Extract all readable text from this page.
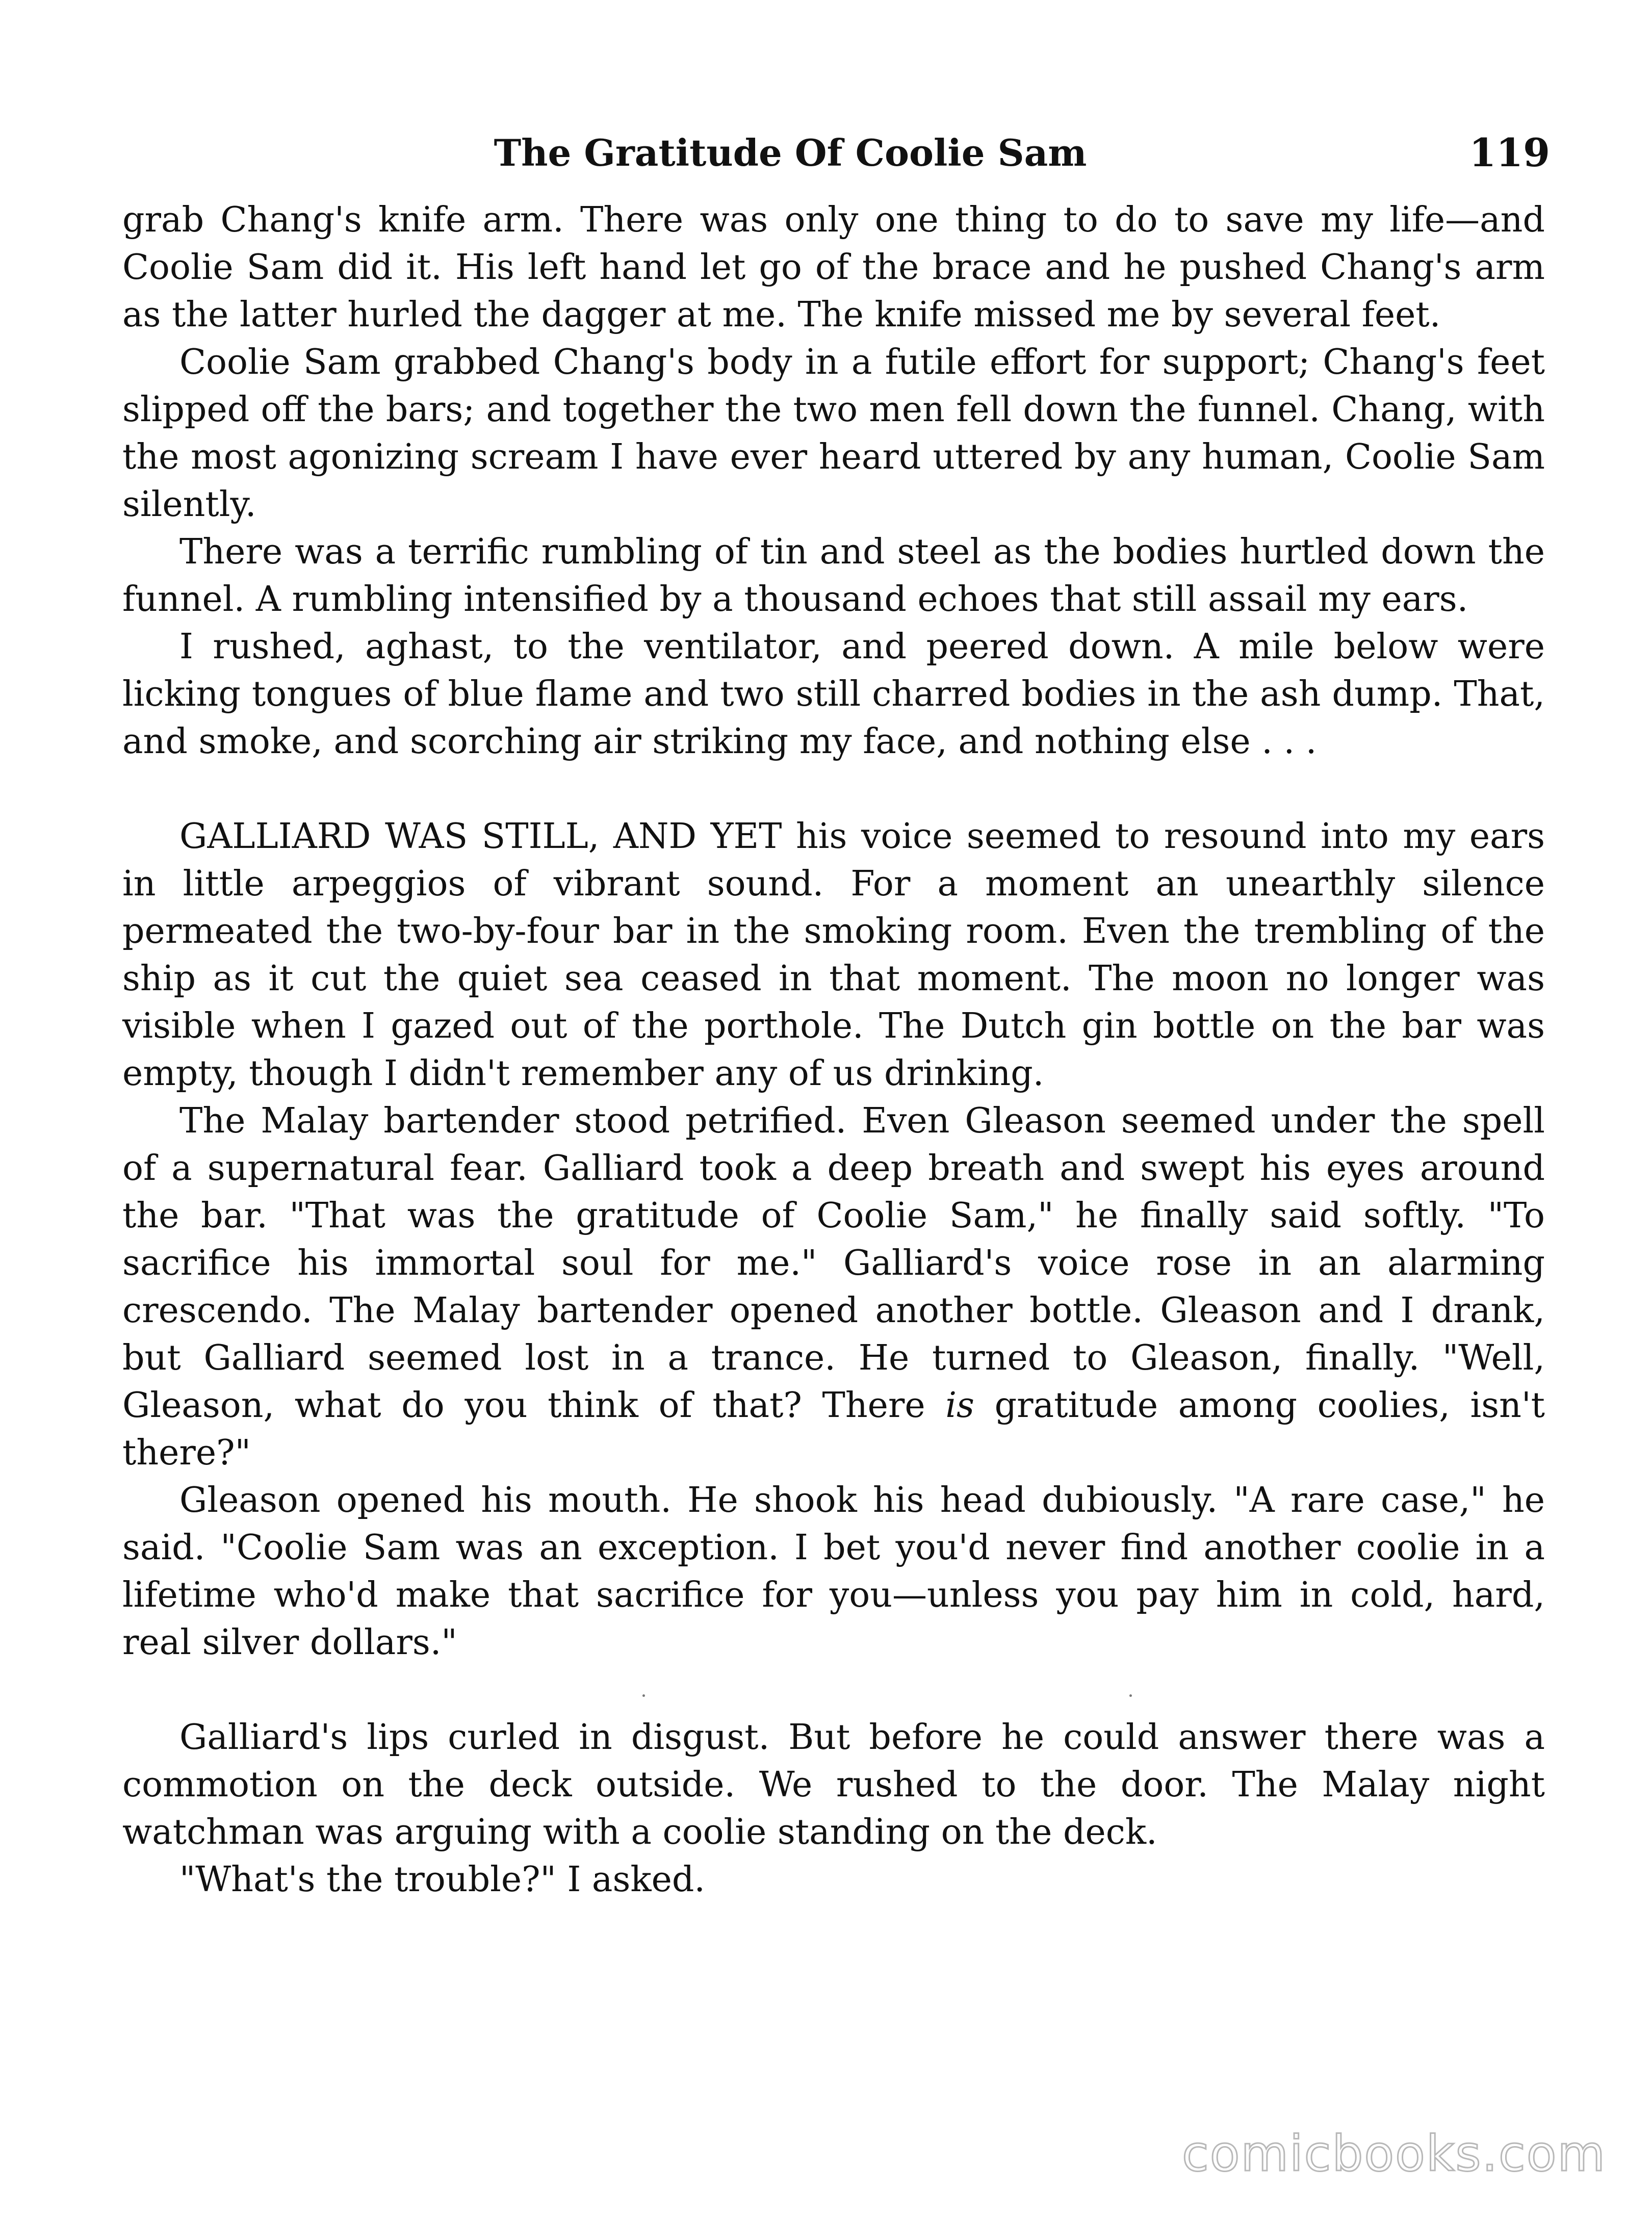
The Gratitude Of Coolie Sam	119

grab Chang's knife arm. There was only one thing to do to save my life—and Coolie Sam did it. His left hand let go of the brace and he pushed Chang's arm as the latter hurled the dagger at me. The knife missed me by several feet.

Coolie Sam grabbed Chang's body in a futile effort for support; Chang's feet slipped off the bars; and together the two men fell down the funnel. Chang, with the most agonizing scream I have ever heard uttered by any human, Coolie Sam silently.

There was a terrific rumbling of tin and steel as the bodies hurtled down the funnel. A rumbling intensified by a thousand echoes that still assail my ears.

I rushed, aghast, to the ventilator, and peered down. A mile below were licking tongues of blue flame and two still charred bodies in the ash dump. That, and smoke, and scorching air striking my face, and nothing else . . .

GALLIARD WAS STILL, AND YET his voice seemed to resound into my ears in little arpeggios of vibrant sound. For a moment an unearthly silence permeated the two-by-four bar in the smoking room. Even the trembling of the ship as it cut the quiet sea ceased in that moment. The moon no longer was visible when I gazed out of the porthole. The Dutch gin bottle on the bar was empty, though I didn't remember any of us drinking.

The Malay bartender stood petrified. Even Gleason seemed under the spell of a supernatural fear. Galliard took a deep breath and swept his eyes around the bar. "That was the gratitude of Coolie Sam," he finally said softly. "To sacrifice his immortal soul for me." Galliard's voice rose in an alarming crescendo. The Malay bartender opened another bottle. Gleason and I drank, but Galliard seemed lost in a trance. He turned to Gleason, finally. "Well, Gleason, what do you think of that? There is gratitude among coolies, isn't there?"

Gleason opened his mouth. He shook his head dubiously. "A rare case," he said. "Coolie Sam was an exception. I bet you'd never find another coolie in a lifetime who'd make that sacrifice for you—unless you pay him in cold, hard, real silver dollars."

Galliard's lips curled in disgust. But before he could answer there was a commotion on the deck outside. We rushed to the door. The Malay night watchman was arguing with a coolie standing on the deck.

"What's the trouble?" I asked.

comicbooks.com
